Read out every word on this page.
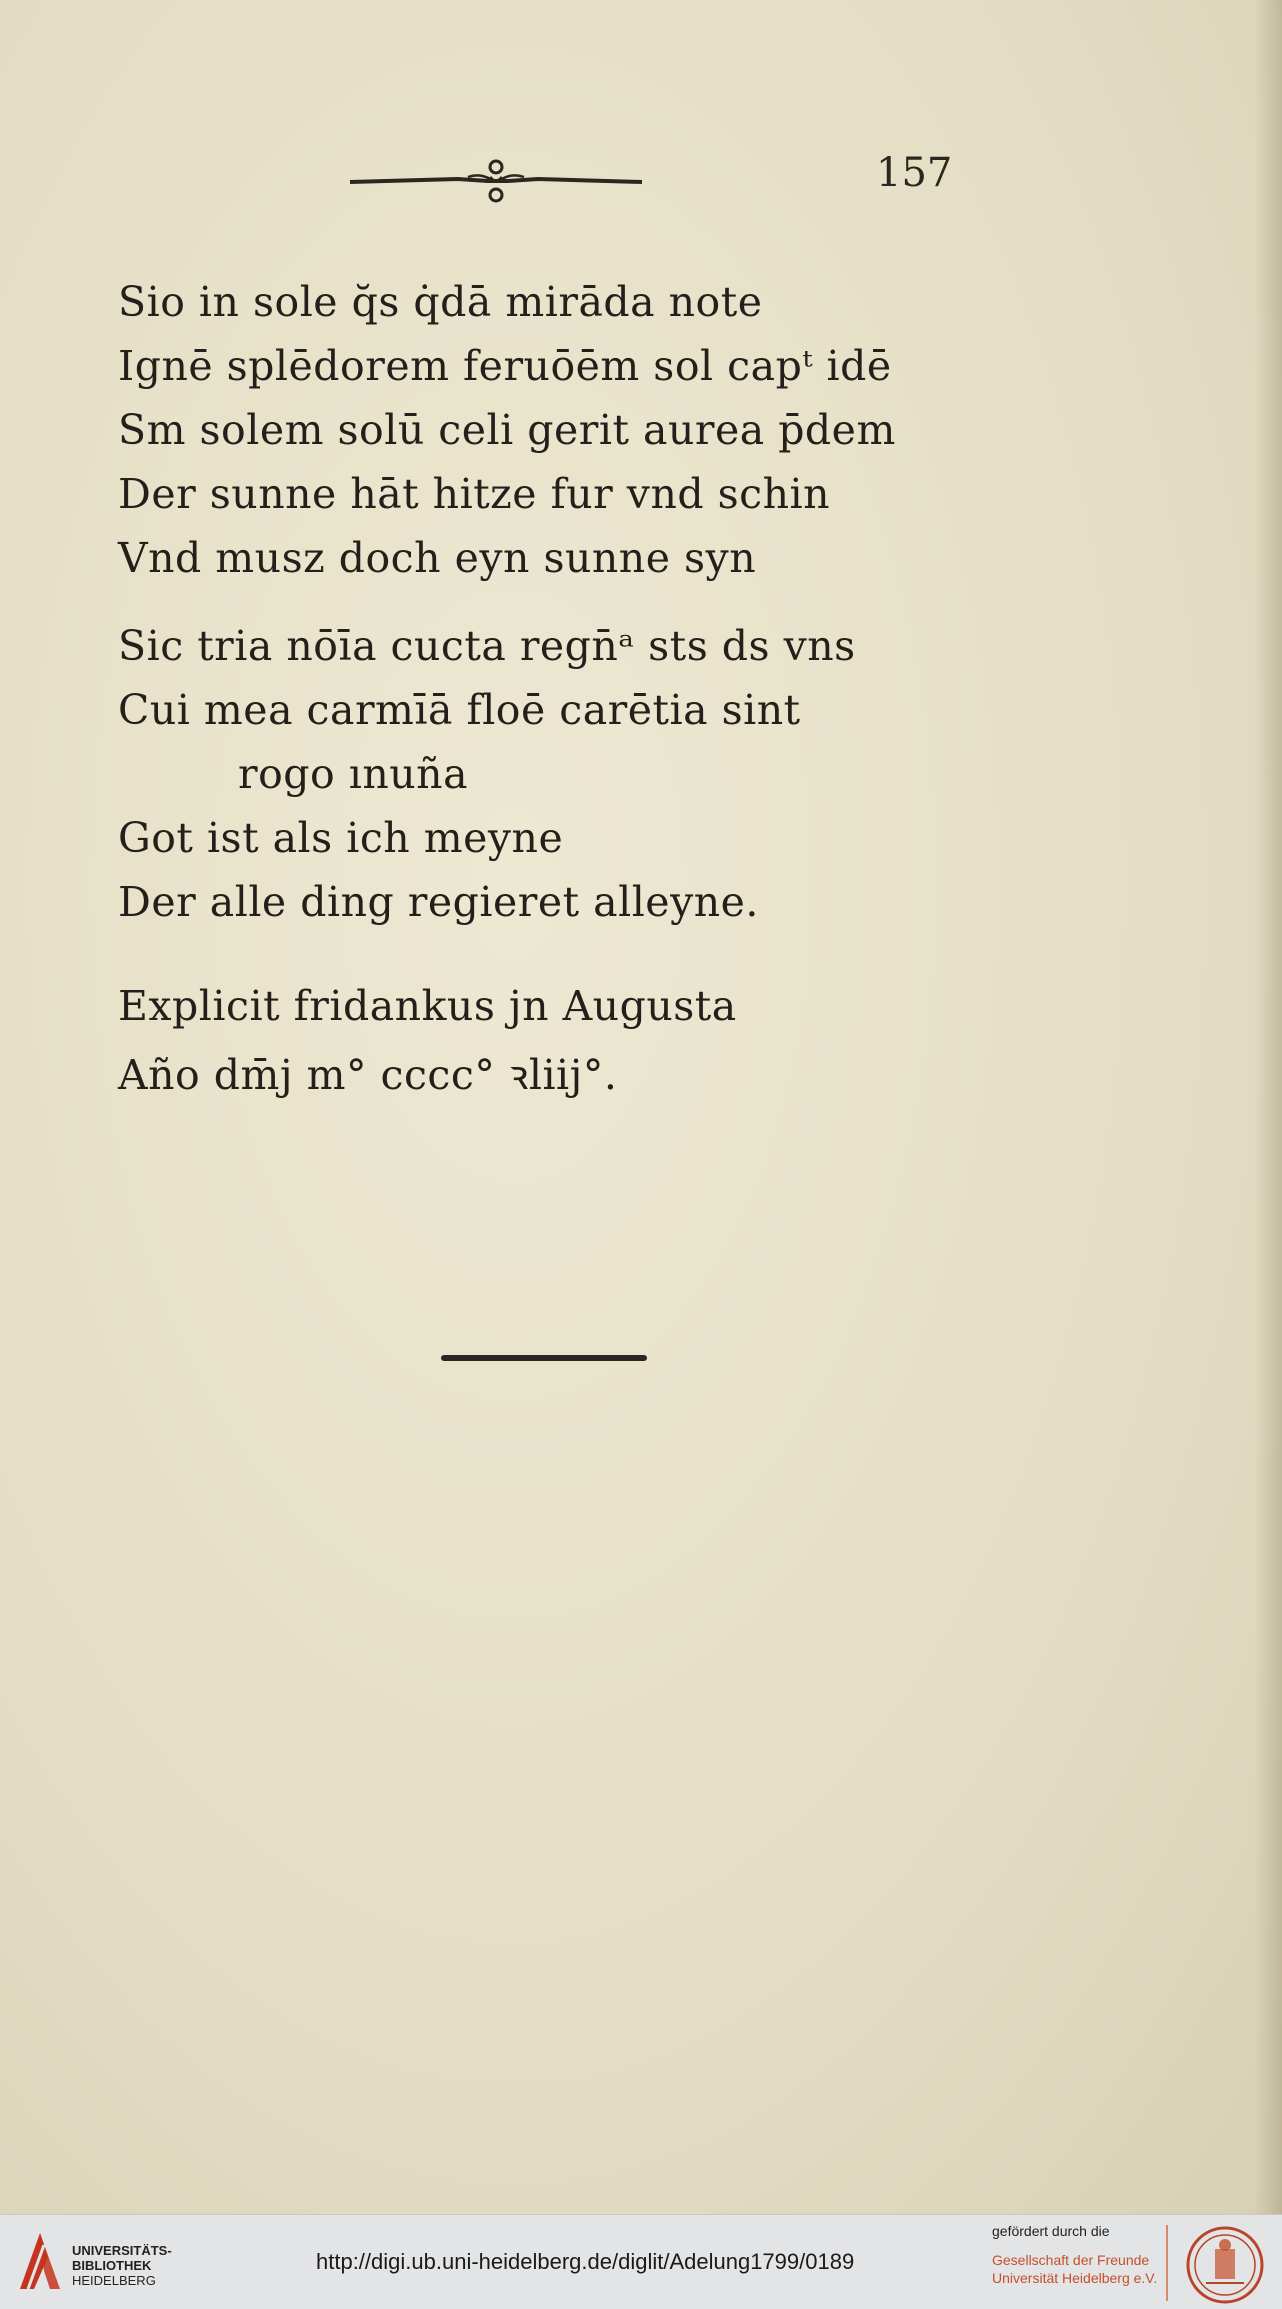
157
Sio in sole q̆s q̇dā mirāda note
Ignē splēdorem feruōēm sol capᵗ idē
Sm solem solū celi gerit aurea p̄dem
Der sunne hāt hitze fur vnd schin
Vnd musz doch eyn sunne syn
Sic tria nōīa cucta regn̄ᵃ sts ds vns
Cui mea carmīā floē carētia sint
rogo ınuña
Got ist als ich meyne
Der alle ding regieret alleyne.
Explicit fridankus jn Augusta
Año dm̄j m° cccc° ꝛliij°.
UNIVERSITÄTS-
BIBLIOTHEK
HEIDELBERG
http://digi.ub.uni-heidelberg.de/diglit/Adelung1799/0189
gefördert durch die
Gesellschaft der Freunde
Universität Heidelberg e.V.
